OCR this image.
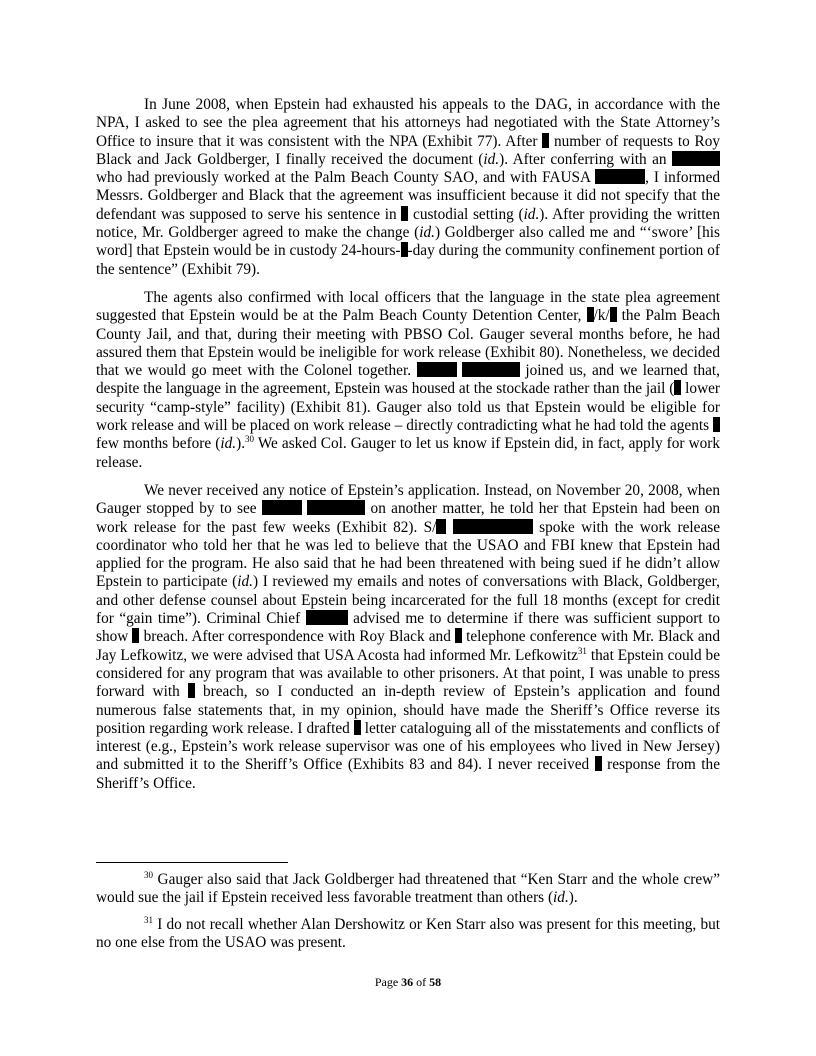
In June 2008, when Epstein had exhausted his appeals to the DAG, in accordance with the NPA, I asked to see the plea agreement that his attorneys had negotiated with the State Attorney’s Office to insure that it was consistent with the NPA (Exhibit 77). After  number of requests to Roy Black and Jack Goldberger, I finally received the document (id.). After conferring with an  who had previously worked at the Palm Beach County SAO, and with FAUSA	, I informed Messrs. Goldberger and Black that the agreement was insufficient because it did not specify that the defendant was supposed to serve his sentence in  custodial setting (id.). After providing the written notice, Mr. Goldberger agreed to make the change (id.) Goldberger also called me and “‘swore’ [his word] that Epstein would be in custody 24-hours- -day during the community confinement portion of the sentence” (Exhibit 79).

The agents also confirmed with local officers that the language in the state plea agreement suggested that Epstein would be at the Palm Beach County Detention Center, /k/ the Palm Beach County Jail, and that, during their meeting with PBSO Col. Gauger several months before, he had assured them that Epstein would be ineligible for work release (Exhibit 80). Nonetheless, we decided that we would go meet with the Colonel together.	joined us, and we learned that, despite the language in the agreement, Epstein was housed at the stockade rather than the jail ( lower security “camp-style” facility) (Exhibit 81). Gauger also told us that Epstein would be eligible for work release and will be placed on work release – directly contradicting what he had told the agents  few months before (id.).$^{30}$ We asked Col. Gauger to let us know if Epstein did, in fact, apply for work release.

We never received any notice of Epstein’s application. Instead, on November 20, 2008, when Gauger stopped by to see	on another matter, he told her that Epstein had been on work release for the past few weeks (Exhibit 82). S/	spoke with the work release coordinator who told her that he was led to believe that the USAO and FBI knew that Epstein had applied for the program. He also said that he had been threatened with being sued if he didn’t allow Epstein to participate (id.) I reviewed my emails and notes of conversations with Black, Goldberger, and other defense counsel about Epstein being incarcerated for the full 18 months (except for credit for “gain time”). Criminal Chief	advised me to determine if there was sufficient support to show  breach. After correspondence with Roy Black and  telephone conference with Mr. Black and Jay Lefkowitz, we were advised that USA Acosta had informed Mr. Lefkowitz$^{31}$ that Epstein could be considered for any program that was available to other prisoners. At that point, I was unable to press forward with  breach, so I conducted an in-depth review of Epstein’s application and found numerous false statements that, in my opinion, should have made the Sheriff’s Office reverse its position regarding work release. I drafted  letter cataloguing all of the misstatements and conflicts of interest (e.g., Epstein’s work release supervisor was one of his employees who lived in New Jersey) and submitted it to the Sheriff’s Office (Exhibits 83 and 84). I never received  response from the Sheriff’s Office.

$^{30}$ Gauger also said that Jack Goldberger had threatened that “Ken Starr and the whole crew” would sue the jail if Epstein received less favorable treatment than others (id.).

$^{31}$ I do not recall whether Alan Dershowitz or Ken Starr also was present for this meeting, but no one else from the USAO was present.

Page 36 of 58
